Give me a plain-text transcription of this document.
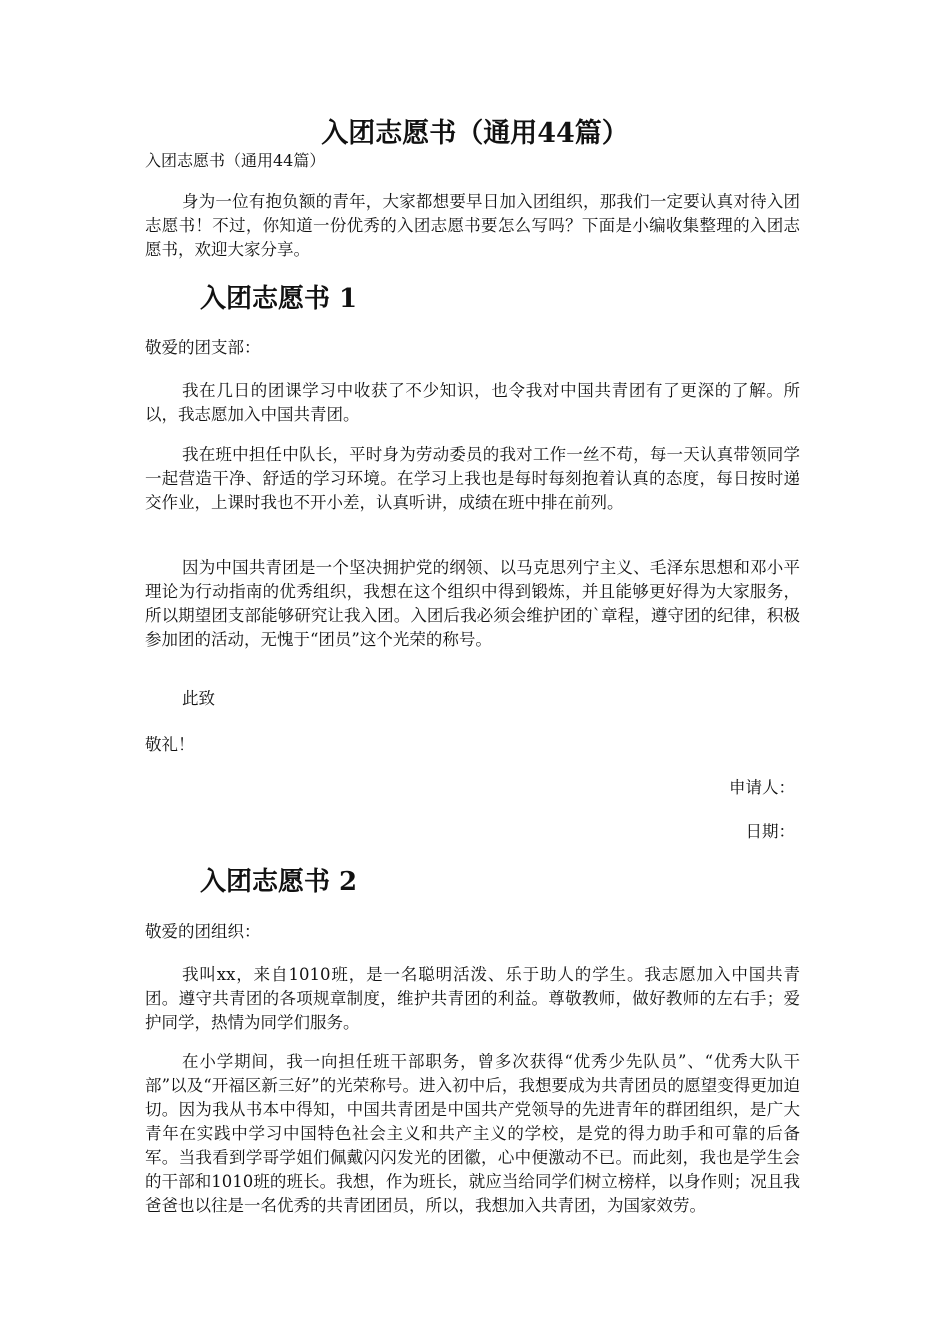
入团志愿书（通用44篇）

入团志愿书（通用44篇）

身为一位有抱负额的青年，大家都想要早日加入团组织，那我们一定要认真对待入团志愿书！不过，你知道一份优秀的入团志愿书要怎么写吗？下面是小编收集整理的入团志愿书，欢迎大家分享。

入团志愿书 1

敬爱的团支部：

我在几日的团课学习中收获了不少知识，也令我对中国共青团有了更深的了解。所以，我志愿加入中国共青团。

我在班中担任中队长，平时身为劳动委员的我对工作一丝不苟，每一天认真带领同学一起营造干净、舒适的学习环境。在学习上我也是每时每刻抱着认真的态度，每日按时递交作业，上课时我也不开小差，认真听讲，成绩在班中排在前列。

因为中国共青团是一个坚决拥护党的纲领、以马克思列宁主义、毛泽东思想和邓小平理论为行动指南的优秀组织，我想在这个组织中得到锻炼，并且能够更好得为大家服务，所以期望团支部能够研究让我入团。入团后我必须会维护团的`章程，遵守团的纪律，积极参加团的活动，无愧于“团员”这个光荣的称号。

此致

敬礼！

申请人：

日期：

入团志愿书 2

敬爱的团组织：

我叫xx，来自1010班，是一名聪明活泼、乐于助人的学生。我志愿加入中国共青团。遵守共青团的各项规章制度，维护共青团的利益。尊敬教师，做好教师的左右手；爱护同学，热情为同学们服务。

在小学期间，我一向担任班干部职务，曾多次获得“优秀少先队员”、“优秀大队干部”以及“开福区新三好”的光荣称号。进入初中后，我想要成为共青团员的愿望变得更加迫切。因为我从书本中得知，中国共青团是中国共产党领导的先进青年的群团组织，是广大青年在实践中学习中国特色社会主义和共产主义的学校，是党的得力助手和可靠的后备军。当我看到学哥学姐们佩戴闪闪发光的团徽，心中便激动不已。而此刻，我也是学生会的干部和1010班的班长。我想，作为班长，就应当给同学们树立榜样，以身作则；况且我爸爸也以往是一名优秀的共青团团员，所以，我想加入共青团，为国家效劳。
